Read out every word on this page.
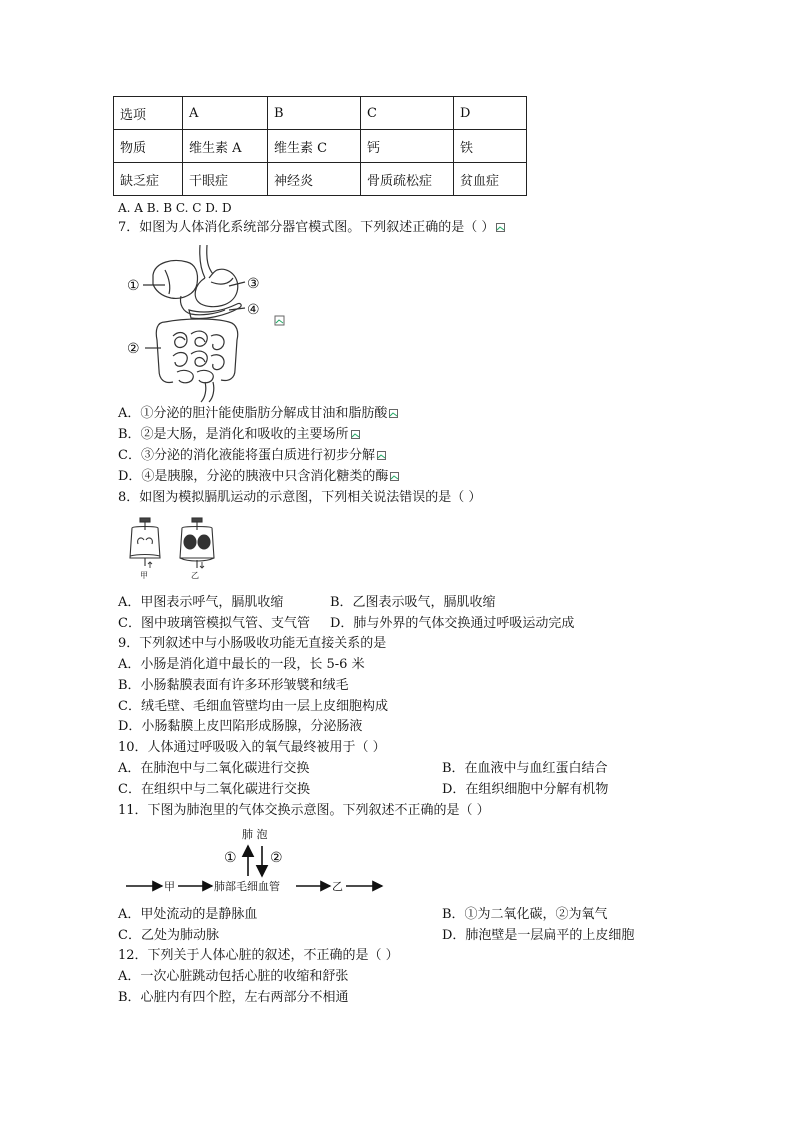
选项	A	B	C	D
物质	维生素 A	维生素 C	钙	铁
缺乏症	干眼症	神经炎	骨质疏松症	贫血症
A. A B. B C. C D. D
7．如图为人体消化系统部分器官模式图。下列叙述正确的是（ ）
①
②
③
④
A．①分泌的胆汁能使脂肪分解成甘油和脂肪酸
B．②是大肠，是消化和吸收的主要场所
C．③分泌的消化液能将蛋白质进行初步分解
D．④是胰腺，分泌的胰液中只含消化糖类的酶
8．如图为模拟膈肌运动的示意图，下列相关说法错误的是（ ）
甲	乙
A．甲图表示呼气，膈肌收缩	B．乙图表示吸气，膈肌收缩
C．图中玻璃管模拟气管、支气管 D．肺与外界的气体交换通过呼吸运动完成
9．下列叙述中与小肠吸收功能无直接关系的是
A．小肠是消化道中最长的一段，长 5-6 米
B．小肠黏膜表面有许多环形皱襞和绒毛
C．绒毛壁、毛细血管壁均由一层上皮细胞构成
D．小肠黏膜上皮凹陷形成肠腺，分泌肠液
10．人体通过呼吸吸入的氧气最终被用于（ ）
A．在肺泡中与二氧化碳进行交换	B．在血液中与血红蛋白结合
C．在组织中与二氧化碳进行交换	D．在组织细胞中分解有机物
11．下图为肺泡里的气体交换示意图。下列叙述不正确的是（ ）
肺 泡
① ②
甲	肺部毛细血管	乙
A．甲处流动的是静脉血	B．①为二氧化碳，②为氧气
C．乙处为肺动脉	D．肺泡壁是一层扁平的上皮细胞
12．下列关于人体心脏的叙述，不正确的是（ ）
A．一次心脏跳动包括心脏的收缩和舒张
B．心脏内有四个腔，左右两部分不相通
